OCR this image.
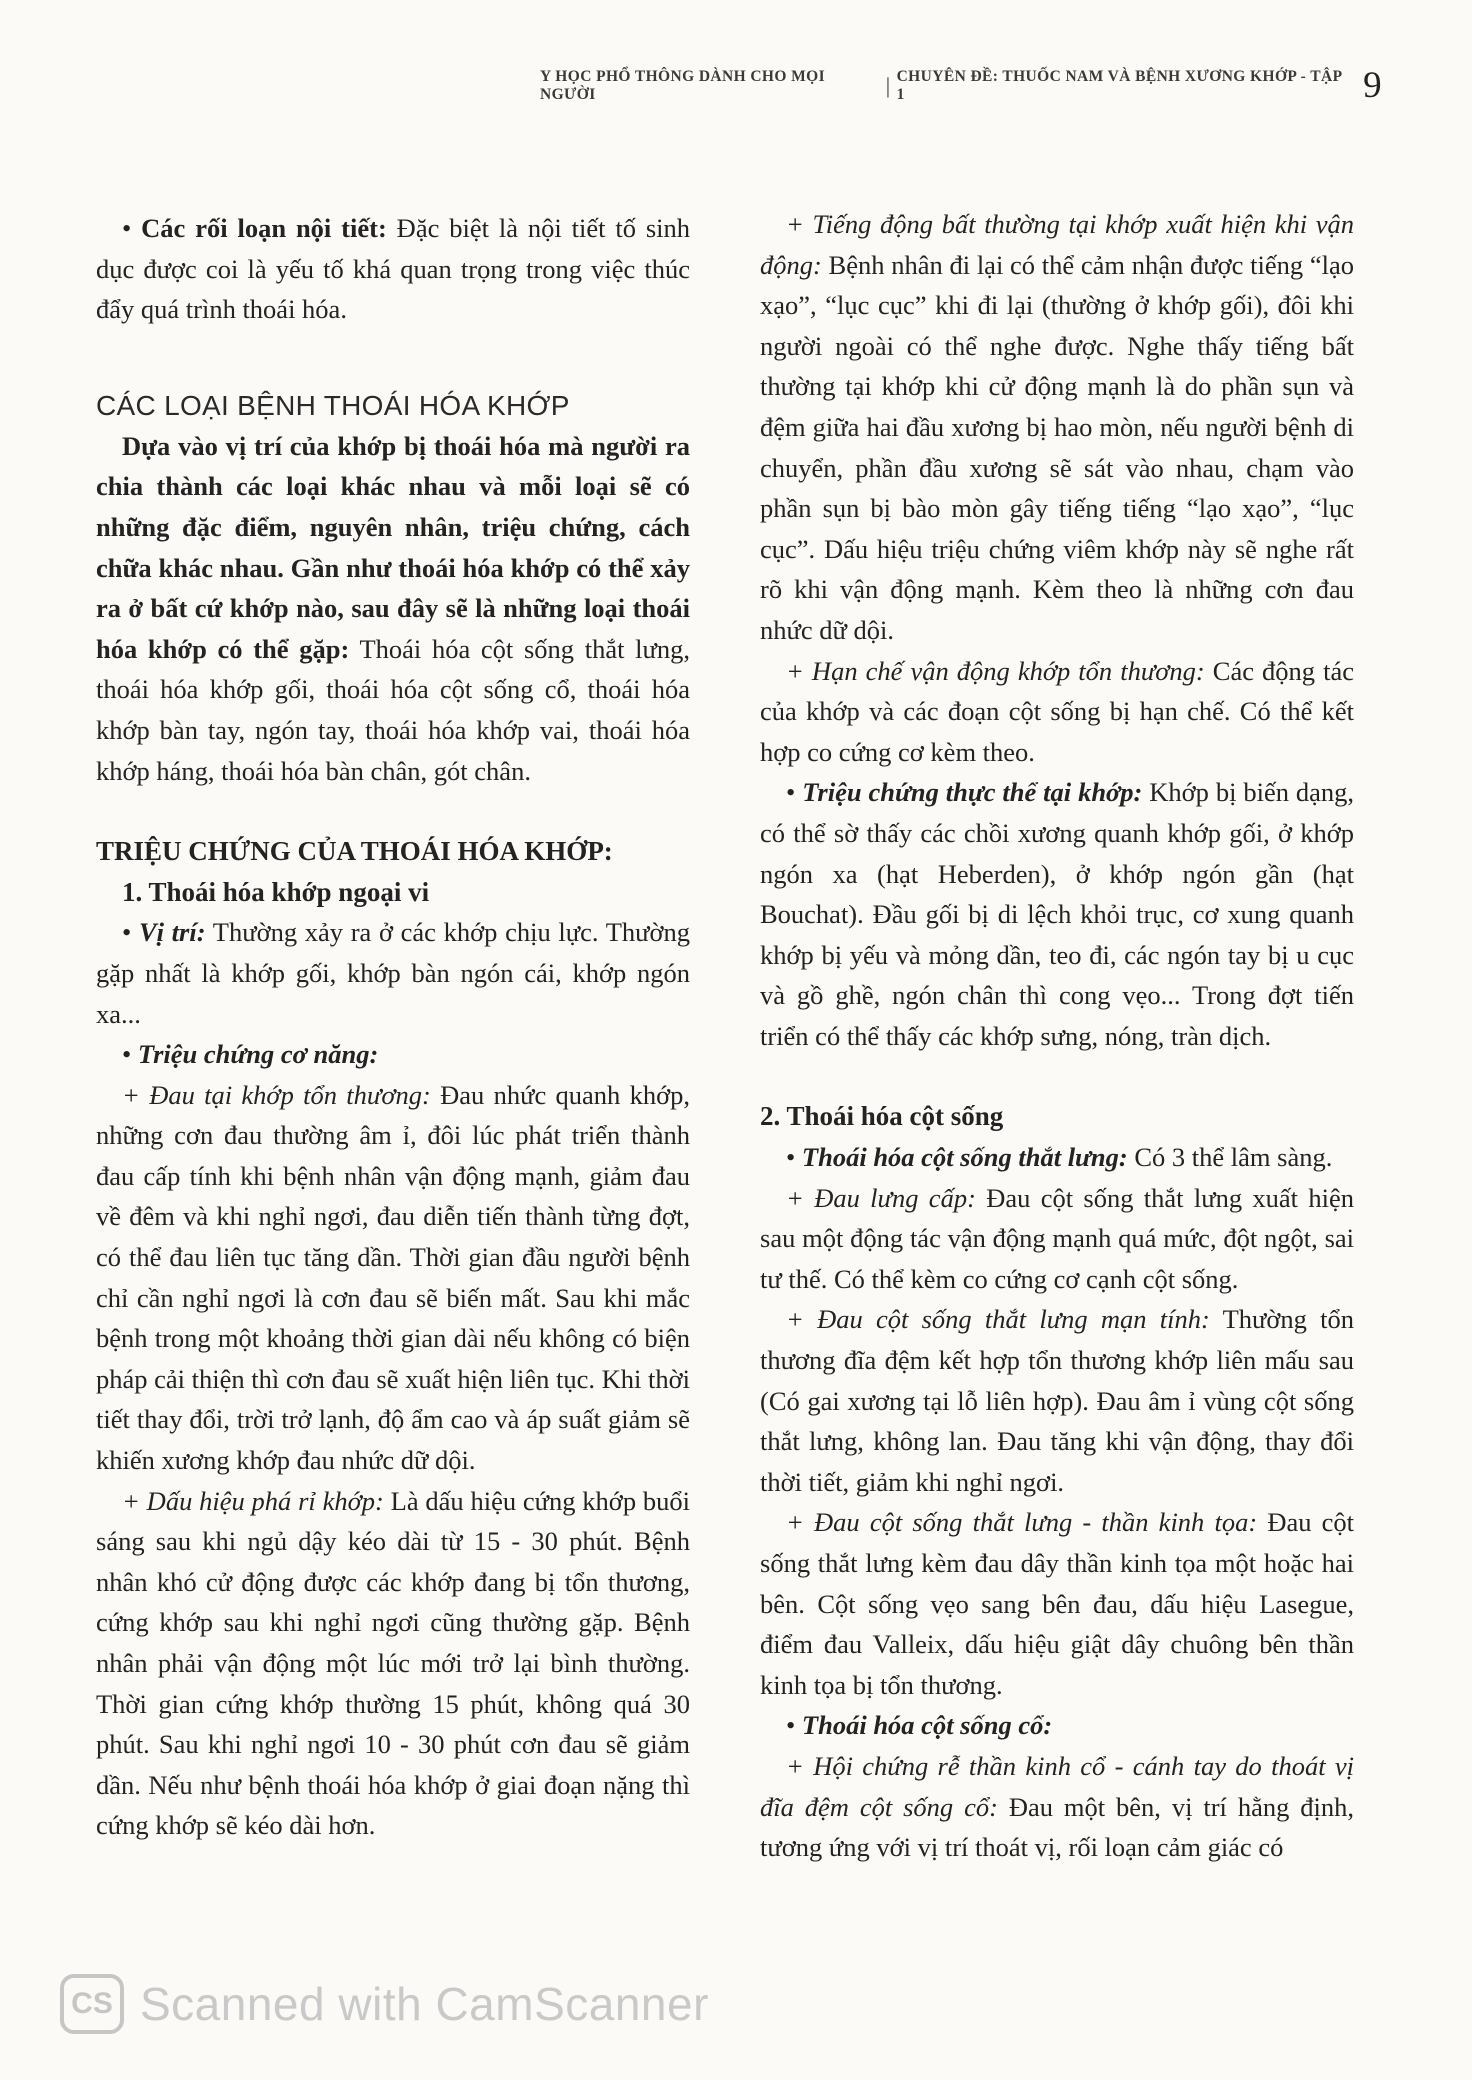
Y HỌC PHỔ THÔNG DÀNH CHO MỌI NGƯỜI	| CHUYÊN ĐỀ: THUỐC NAM VÀ BỆNH XƯƠNG KHỚP - TẬP 1	9

• Các rối loạn nội tiết: Đặc biệt là nội tiết tố sinh dục được coi là yếu tố khá quan trọng trong việc thúc đẩy quá trình thoái hóa.

CÁC LOẠI BỆNH THOÁI HÓA KHỚP

Dựa vào vị trí của khớp bị thoái hóa mà người ra chia thành các loại khác nhau và mỗi loại sẽ có những đặc điểm, nguyên nhân, triệu chứng, cách chữa khác nhau. Gần như thoái hóa khớp có thể xảy ra ở bất cứ khớp nào, sau đây sẽ là những loại thoái hóa khớp có thể gặp: Thoái hóa cột sống thắt lưng, thoái hóa khớp gối, thoái hóa cột sống cổ, thoái hóa khớp bàn tay, ngón tay, thoái hóa khớp vai, thoái hóa khớp háng, thoái hóa bàn chân, gót chân.

TRIỆU CHỨNG CỦA THOÁI HÓA KHỚP:

1. Thoái hóa khớp ngoại vi

• Vị trí: Thường xảy ra ở các khớp chịu lực. Thường gặp nhất là khớp gối, khớp bàn ngón cái, khớp ngón xa...

• Triệu chứng cơ năng:

+ Đau tại khớp tổn thương: Đau nhức quanh khớp, những cơn đau thường âm ỉ, đôi lúc phát triển thành đau cấp tính khi bệnh nhân vận động mạnh, giảm đau về đêm và khi nghỉ ngơi, đau diễn tiến thành từng đợt, có thể đau liên tục tăng dần. Thời gian đầu người bệnh chỉ cần nghỉ ngơi là cơn đau sẽ biến mất. Sau khi mắc bệnh trong một khoảng thời gian dài nếu không có biện pháp cải thiện thì cơn đau sẽ xuất hiện liên tục. Khi thời tiết thay đổi, trời trở lạnh, độ ẩm cao và áp suất giảm sẽ khiến xương khớp đau nhức dữ dội.

+ Dấu hiệu phá rỉ khớp: Là dấu hiệu cứng khớp buổi sáng sau khi ngủ dậy kéo dài từ 15 - 30 phút. Bệnh nhân khó cử động được các khớp đang bị tổn thương, cứng khớp sau khi nghỉ ngơi cũng thường gặp. Bệnh nhân phải vận động một lúc mới trở lại bình thường. Thời gian cứng khớp thường 15 phút, không quá 30 phút. Sau khi nghỉ ngơi 10 - 30 phút cơn đau sẽ giảm dần. Nếu như bệnh thoái hóa khớp ở giai đoạn nặng thì cứng khớp sẽ kéo dài hơn.

+ Tiếng động bất thường tại khớp xuất hiện khi vận động: Bệnh nhân đi lại có thể cảm nhận được tiếng “lạo xạo”, “lục cục” khi đi lại (thường ở khớp gối), đôi khi người ngoài có thể nghe được. Nghe thấy tiếng bất thường tại khớp khi cử động mạnh là do phần sụn và đệm giữa hai đầu xương bị hao mòn, nếu người bệnh di chuyển, phần đầu xương sẽ sát vào nhau, chạm vào phần sụn bị bào mòn gây tiếng tiếng “lạo xạo”, “lục cục”. Dấu hiệu triệu chứng viêm khớp này sẽ nghe rất rõ khi vận động mạnh. Kèm theo là những cơn đau nhức dữ dội.

+ Hạn chế vận động khớp tổn thương: Các động tác của khớp và các đoạn cột sống bị hạn chế. Có thể kết hợp co cứng cơ kèm theo.

• Triệu chứng thực thể tại khớp: Khớp bị biến dạng, có thể sờ thấy các chồi xương quanh khớp gối, ở khớp ngón xa (hạt Heberden), ở khớp ngón gần (hạt Bouchat). Đầu gối bị di lệch khỏi trục, cơ xung quanh khớp bị yếu và mỏng dần, teo đi, các ngón tay bị u cục và gồ ghề, ngón chân thì cong vẹo... Trong đợt tiến triển có thể thấy các khớp sưng, nóng, tràn dịch.

2. Thoái hóa cột sống

• Thoái hóa cột sống thắt lưng: Có 3 thể lâm sàng.

+ Đau lưng cấp: Đau cột sống thắt lưng xuất hiện sau một động tác vận động mạnh quá mức, đột ngột, sai tư thế. Có thể kèm co cứng cơ cạnh cột sống.

+ Đau cột sống thắt lưng mạn tính: Thường tổn thương đĩa đệm kết hợp tổn thương khớp liên mấu sau (Có gai xương tại lỗ liên hợp). Đau âm ỉ vùng cột sống thắt lưng, không lan. Đau tăng khi vận động, thay đổi thời tiết, giảm khi nghỉ ngơi.

+ Đau cột sống thắt lưng - thần kinh tọa: Đau cột sống thắt lưng kèm đau dây thần kinh tọa một hoặc hai bên. Cột sống vẹo sang bên đau, dấu hiệu Lasegue, điểm đau Valleix, dấu hiệu giật dây chuông bên thần kinh tọa bị tổn thương.

• Thoái hóa cột sống cổ:

+ Hội chứng rễ thần kinh cổ - cánh tay do thoát vị đĩa đệm cột sống cổ: Đau một bên, vị trí hằng định, tương ứng với vị trí thoát vị, rối loạn cảm giác có

CS Scanned with CamScanner
